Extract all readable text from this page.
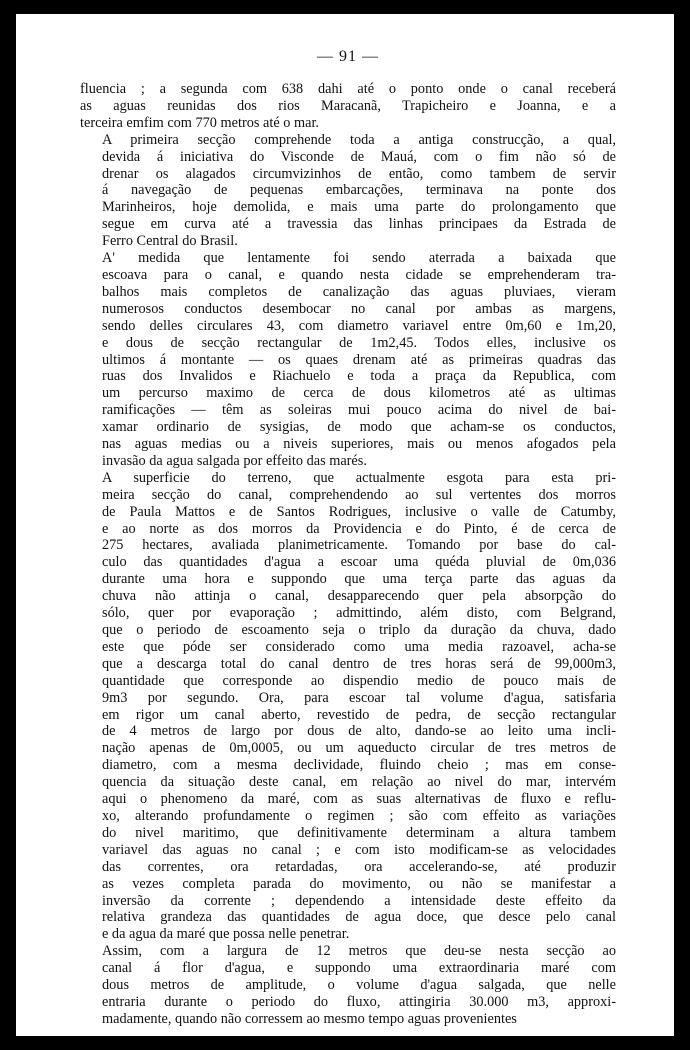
— 91 —

fluencia ; a segunda com 638 dahi até o ponto onde o canal receberá
as aguas reunidas dos rios Maracanã, Trapicheiro e Joanna, e a
terceira emfim com 770 metros até o mar.

A primeira secção comprehende toda a antiga construcção, a qual,
devida á iniciativa do Visconde de Mauá, com o fim não só de
drenar os alagados circumvizinhos de então, como tambem de servir
á navegação de pequenas embarcações, terminava na ponte dos
Marinheiros, hoje demolida, e mais uma parte do prolongamento que
segue em curva até a travessia das linhas principaes da Estrada de
Ferro Central do Brasil.

A' medida que lentamente foi sendo aterrada a baixada que
escoava para o canal, e quando nesta cidade se emprehenderam tra-
balhos mais completos de canalização das aguas pluviaes, vieram
numerosos conductos desembocar no canal por ambas as margens,
sendo delles circulares 43, com diametro variavel entre 0m,60 e 1m,20,
e dous de secção rectangular de 1m2,45. Todos elles, inclusive os
ultimos á montante — os quaes drenam até as primeiras quadras das
ruas dos Invalidos e Riachuelo e toda a praça da Republica, com
um percurso maximo de cerca de dous kilometros até as ultimas
ramificações — têm as soleiras mui pouco acima do nivel de bai-
xamar ordinario de sysigias, de modo que acham-se os conductos,
nas aguas medias ou a niveis superiores, mais ou menos afogados pela
invasão da agua salgada por effeito das marés.

A superficie do terreno, que actualmente esgota para esta pri-
meira secção do canal, comprehendendo ao sul vertentes dos morros
de Paula Mattos e de Santos Rodrigues, inclusive o valle de Catumby,
e ao norte as dos morros da Providencia e do Pinto, é de cerca de
275 hectares, avaliada planimetricamente. Tomando por base do cal-
culo das quantidades d'agua a escoar uma quéda pluvial de 0m,036
durante uma hora e suppondo que uma terça parte das aguas da
chuva não attinja o canal, desapparecendo quer pela absorpção do
sólo, quer por evaporação ; admittindo, além disto, com Belgrand,
que o periodo de escoamento seja o triplo da duração da chuva, dado
este que póde ser considerado como uma media razoavel, acha-se
que a descarga total do canal dentro de tres horas será de 99,000m3,
quantidade que corresponde ao dispendio medio de pouco mais de
9m3 por segundo. Ora, para escoar tal volume d'agua, satisfaria
em rigor um canal aberto, revestido de pedra, de secção rectangular
de 4 metros de largo por dous de alto, dando-se ao leito uma incli-
nação apenas de 0m,0005, ou um aqueducto circular de tres metros de
diametro, com a mesma declividade, fluindo cheio ; mas em conse-
quencia da situação deste canal, em relação ao nivel do mar, intervém
aqui o phenomeno da maré, com as suas alternativas de fluxo e reflu-
xo, alterando profundamente o regimen ; são com effeito as variações
do nivel maritimo, que definitivamente determinam a altura tambem
variavel das aguas no canal ; e com isto modificam-se as velocidades
das correntes, ora retardadas, ora accelerando-se, até produzir
as vezes completa parada do movimento, ou não se manifestar a
inversão da corrente ; dependendo a intensidade deste effeito da
relativa grandeza das quantidades de agua doce, que desce pelo canal
e da agua da maré que possa nelle penetrar.

Assim, com a largura de 12 metros que deu-se nesta secção ao
canal á flor d'agua, e suppondo uma extraordinaria maré com
dous metros de amplitude, o volume d'agua salgada, que nelle
entraria durante o periodo do fluxo, attingiria 30.000 m3, approxi-
madamente, quando não corressem ao mesmo tempo aguas provenientes
